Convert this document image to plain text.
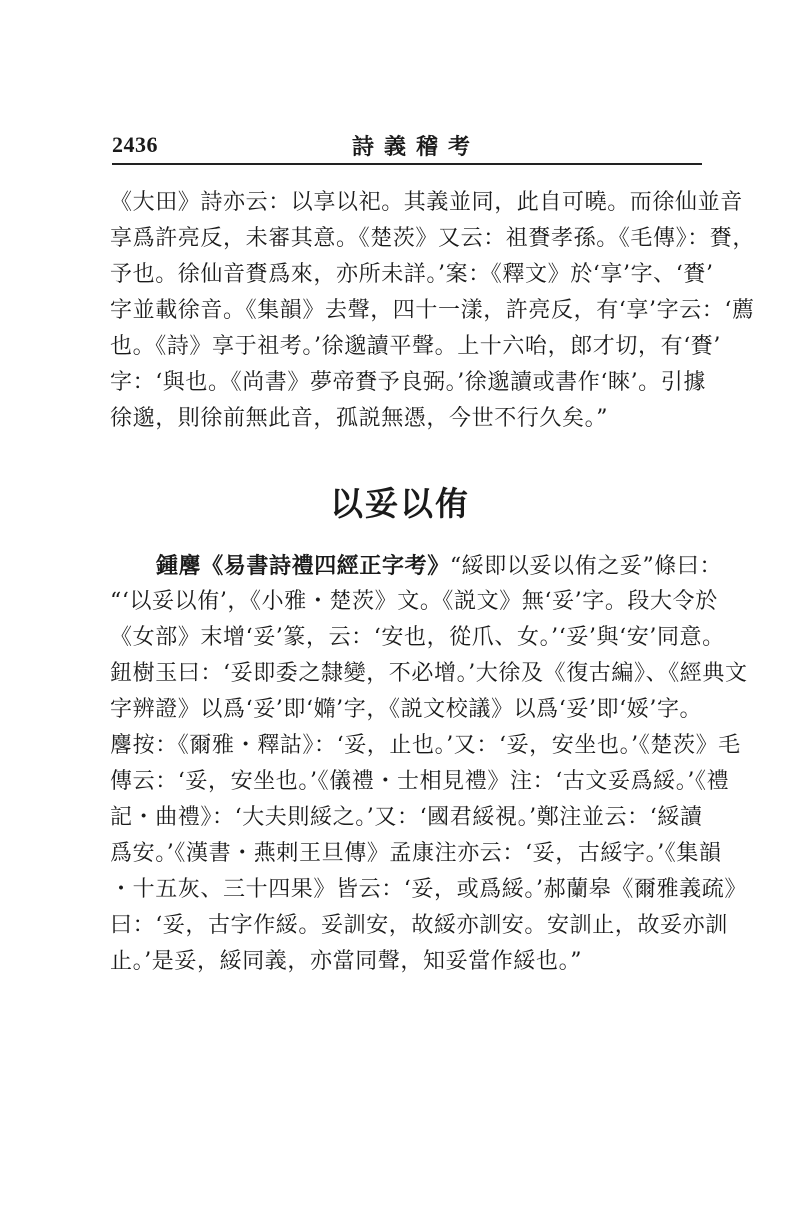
2436	詩義稽考
《大田》詩亦云：以享以祀。其義並同，此自可曉。而徐仙並音
享爲許亮反，未審其意。《楚茨》又云：祖賚孝孫。《毛傳》：賚，
予也。徐仙音賚爲來，亦所未詳。’案：《釋文》於‘享’字、‘賚’
字並載徐音。《集韻》去聲，四十一漾，許亮反，有‘享’字云：‘薦
也。《詩》享于祖考。’徐邈讀平聲。上十六咍，郎才切，有‘賚’
字：‘與也。《尚書》夢帝賚予良弼。’徐邈讀或書作‘睞’。引據
徐邈，則徐前無此音，孤説無憑，今世不行久矣。”
以妥以侑
鍾麐《易書詩禮四經正字考》“綏即以妥以侑之妥”條曰：
“‘以妥以侑’，《小雅・楚茨》文。《説文》無‘妥’字。段大令於
《女部》末增‘妥’篆，云：‘安也，從爪、女。’‘妥’與‘安’同意。
鈕樹玉曰：‘妥即委之隸變，不必增。’大徐及《復古編》、《經典文
字辨證》以爲‘妥’即‘嫷’字，《説文校議》以爲‘妥’即‘娞’字。
麐按：《爾雅・釋詁》：‘妥，止也。’又：‘妥，安坐也。’《楚茨》毛
傳云：‘妥，安坐也。’《儀禮・士相見禮》注：‘古文妥爲綏。’《禮
記・曲禮》：‘大夫則綏之。’又：‘國君綏視。’鄭注並云：‘綏讀
爲安。’《漢書・燕剌王旦傳》孟康注亦云：‘妥，古綏字。’《集韻
・十五灰、三十四果》皆云：‘妥，或爲綏。’郝蘭皋《爾雅義疏》
曰：‘妥，古字作綏。妥訓安，故綏亦訓安。安訓止，故妥亦訓
止。’是妥，綏同義，亦當同聲，知妥當作綏也。”
